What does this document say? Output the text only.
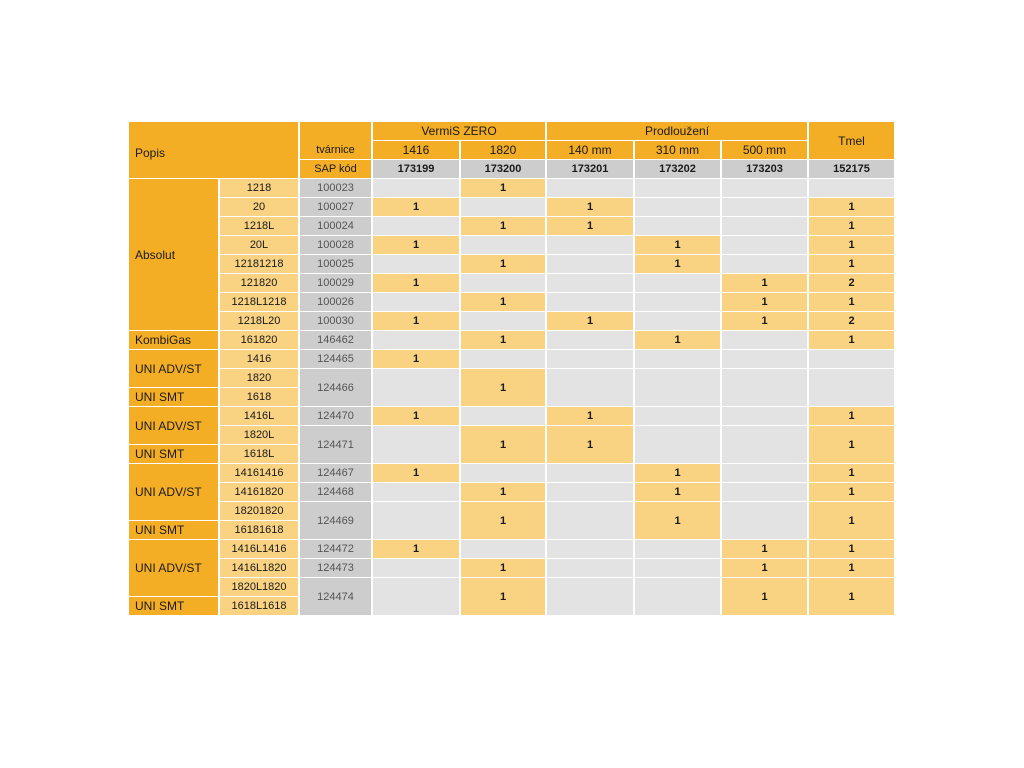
Popis		tvárnice	VermiS ZERO		Prodloužení			Tmel
			1416	1820	140 mm	310 mm	500 mm	
		SAP kód	173199	173200	173201	173202	173203	152175
Absolut	1218	100023		1				
	20	100027	1		1			1
	1218L	100024		1	1			1
	20L	100028	1			1		1
	12181218	100025		1		1		1
	121820	100029	1				1	2
	1218L1218	100026		1			1	1
	1218L20	100030	1		1		1	2
KombiGas	161820	146462		1		1		1
UNI ADV/ST	1416	124465	1					
	1820	124466		1				
UNI SMT	1618							
UNI ADV/ST	1416L	124470	1		1			1
	1820L	124471		1	1			1
UNI SMT	1618L							
UNI ADV/ST	14161416	124467	1			1		1
	14161820	124468		1		1		1
	18201820	124469		1		1		1
UNI SMT	16181618							
UNI ADV/ST	1416L1416	124472	1				1	1
	1416L1820	124473		1			1	1
	1820L1820	124474		1			1	1
UNI SMT	1618L1618							
